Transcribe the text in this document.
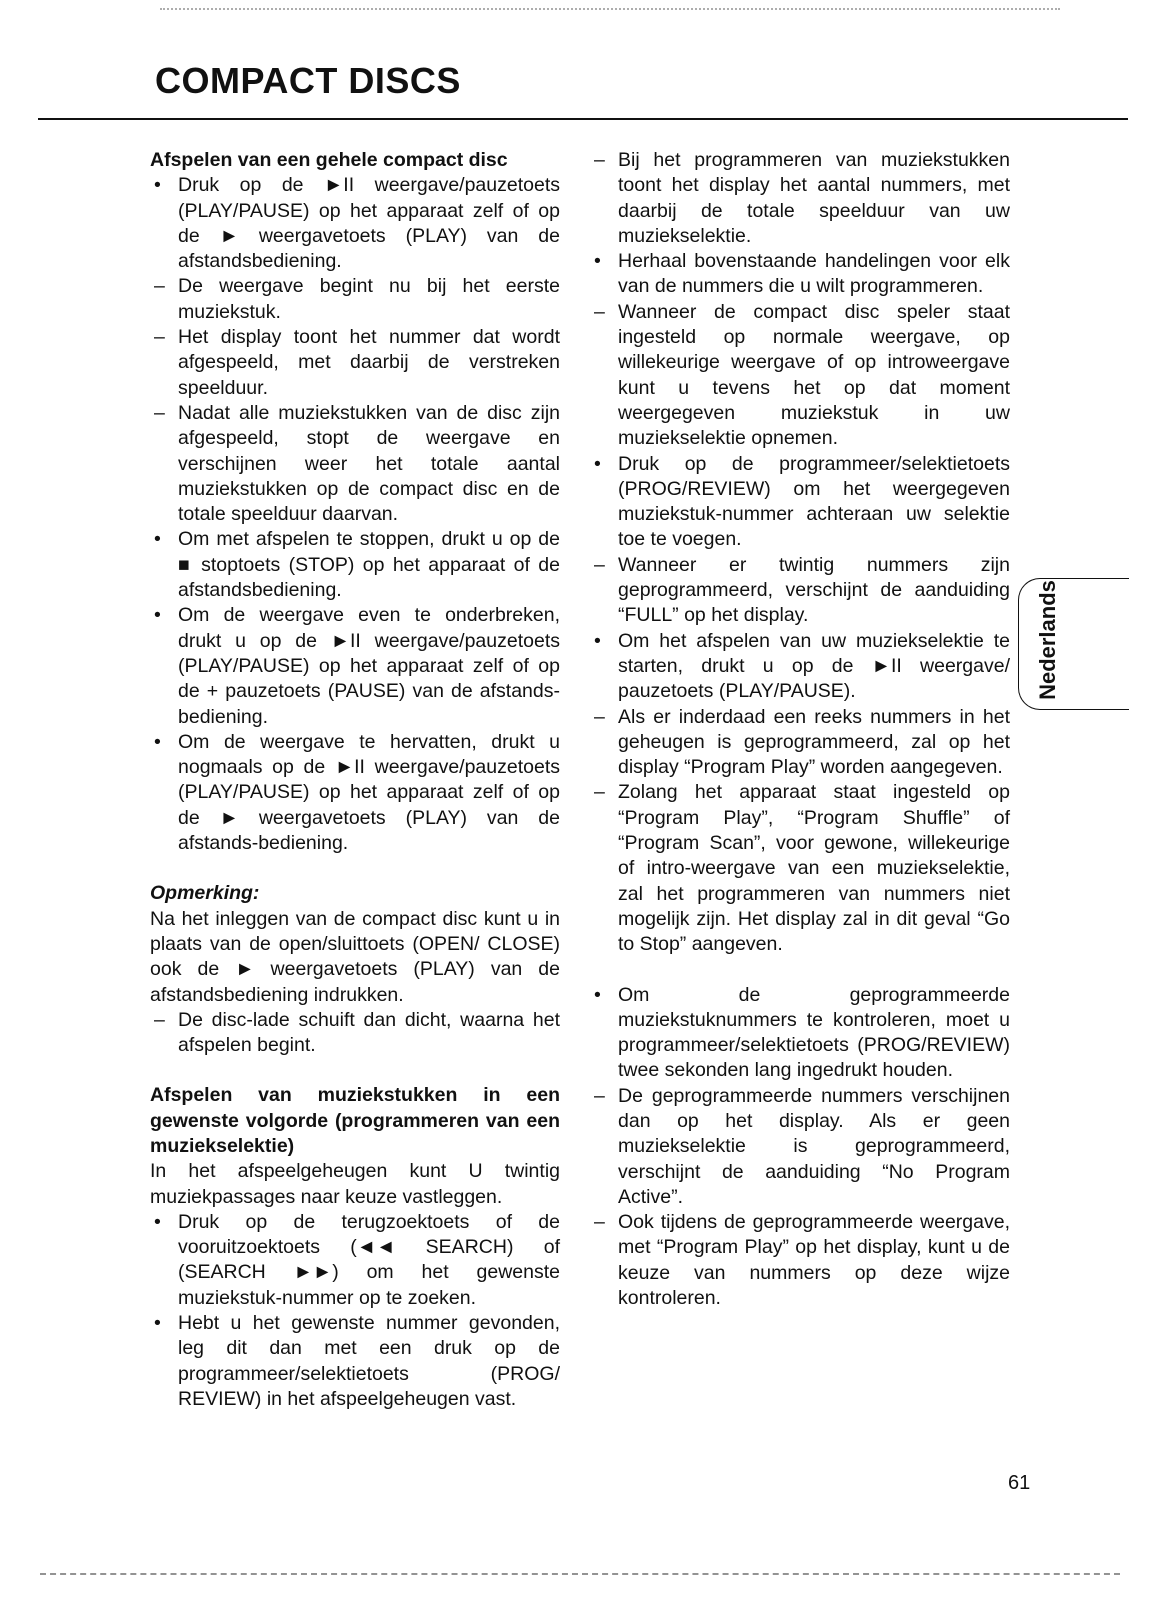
COMPACT DISCS

Afspelen van een gehele compact disc

• Druk op de ►II weergave/pauzetoets (PLAY/PAUSE) op het apparaat zelf of op de ► weergavetoets (PLAY) van de afstandsbediening.
– De weergave begint nu bij het eerste muziekstuk.
– Het display toont het nummer dat wordt afgespeeld, met daarbij de verstreken speelduur.
– Nadat alle muziekstukken van de disc zijn afgespeeld, stopt de weergave en verschijnen weer het totale aantal muziekstukken op de compact disc en de totale speelduur daarvan.
• Om met afspelen te stoppen, drukt u op de ■ stoptoets (STOP) op het apparaat of de afstandsbediening.
• Om de weergave even te onderbreken, drukt u op de ►II weergave/pauzetoets (PLAY/PAUSE) op het apparaat zelf of op de + pauzetoets (PAUSE) van de afstands-bediening.
• Om de weergave te hervatten, drukt u nogmaals op de ►II weergave/pauzetoets (PLAY/PAUSE) op het apparaat zelf of op de ► weergavetoets (PLAY) van de afstands-bediening.

Opmerking:

Na het inleggen van de compact disc kunt u in plaats van de open/sluittoets (OPEN/ CLOSE) ook de ► weergavetoets (PLAY) van de afstandsbediening indrukken.

– De disc-lade schuift dan dicht, waarna het afspelen begint.

Afspelen van muziekstukken in een gewenste volgorde (programmeren van een muziekselektie)

In het afspeelgeheugen kunt U twintig muziekpassages naar keuze vastleggen.

• Druk op de terugzoektoets of de vooruitzoektoets (◄◄ SEARCH) of (SEARCH ►►) om het gewenste muziekstuk-nummer op te zoeken.
• Hebt u het gewenste nummer gevonden, leg dit dan met een druk op de programmeer/selektietoets (PROG/ REVIEW) in het afspeelgeheugen vast.
– Bij het programmeren van muziekstukken toont het display het aantal nummers, met daarbij de totale speelduur van uw muziekselektie.
• Herhaal bovenstaande handelingen voor elk van de nummers die u wilt programmeren.
– Wanneer de compact disc speler staat ingesteld op normale weergave, op willekeurige weergave of op introweergave kunt u tevens het op dat moment weergegeven muziekstuk in uw muziekselektie opnemen.
• Druk op de programmeer/selektietoets (PROG/REVIEW) om het weergegeven muziekstuk-nummer achteraan uw selektie toe te voegen.
– Wanneer er twintig nummers zijn geprogrammeerd, verschijnt de aanduiding “FULL” op het display.
• Om het afspelen van uw muziekselektie te starten, drukt u op de ►II weergave/ pauzetoets (PLAY/PAUSE).
– Als er inderdaad een reeks nummers in het geheugen is geprogrammeerd, zal op het display “Program Play” worden aangegeven.
– Zolang het apparaat staat ingesteld op “Program Play”, “Program Shuffle” of “Program Scan”, voor gewone, willekeurige of intro-weergave van een muziekselektie, zal het programmeren van nummers niet mogelijk zijn. Het display zal in dit geval “Go to Stop” aangeven.
• Om de geprogrammeerde muziekstuknummers te kontroleren, moet u programmeer/selektietoets (PROG/REVIEW) twee sekonden lang ingedrukt houden.
– De geprogrammeerde nummers verschijnen dan op het display. Als er geen muziekselektie is geprogrammeerd, verschijnt de aanduiding “No Program Active”.
– Ook tijdens de geprogrammeerde weergave, met “Program Play” op het display, kunt u de keuze van nummers op deze wijze kontroleren.
Nederlands
61
